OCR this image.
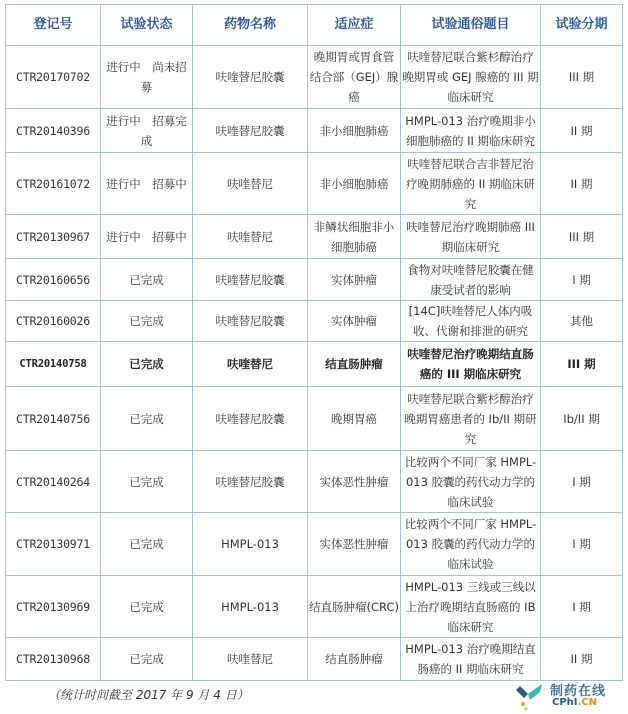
登记号	试验状态	药物名称	适应症	试验通俗题目	试验分期
CTR20170702	进行中　尚未招募	呋喹替尼胶囊	晚期胃或胃食管结合部（GEJ）腺癌	呋喹替尼联合紫杉醇治疗晚期胃或 GEJ 腺癌的 III 期临床研究	III 期
CTR20140396	进行中　招募完成	呋喹替尼胶囊	非小细胞肺癌	HMPL-013 治疗晚期非小细胞肺癌的 II 期临床研究	II 期
CTR20161072	进行中　招募中	呋喹替尼	非小细胞肺癌	呋喹替尼联合吉非替尼治疗晚期肺癌的 II 期临床研究	II 期
CTR20130967	进行中　招募中	呋喹替尼	非鳞状细胞非小细胞肺癌	呋喹替尼治疗晚期肺癌 III 期临床研究	III 期
CTR20160656	已完成	呋喹替尼胶囊	实体肿瘤	食物对呋喹替尼胶囊在健康受试者的影响	I 期
CTR20160026	已完成	呋喹替尼胶囊	实体肿瘤	[14C]呋喹替尼人体内吸收、代谢和排泄的研究	其他
CTR20140758	已完成	呋喹替尼	结直肠肿瘤	呋喹替尼治疗晚期结直肠癌的 III 期临床研究	III 期
CTR20140756	已完成	呋喹替尼胶囊	晚期胃癌	呋喹替尼联合紫杉醇治疗晚期胃癌患者的 Ib/II 期研究	Ib/II 期
CTR20140264	已完成	呋喹替尼胶囊	实体恶性肿瘤	比较两个不同厂家 HMPL-013 胶囊的药代动力学的临床试验	I 期
CTR20130971	已完成	HMPL-013	实体恶性肿瘤	比较两个不同厂家 HMPL-013 胶囊的药代动力学的临床试验	I 期
CTR20130969	已完成	HMPL-013	结直肠肿瘤(CRC)	HMPL-013 三线或三线以上治疗晚期结直肠癌的 IB 临床研究	I 期
CTR20130968	已完成	呋喹替尼	结直肠肿瘤	HMPL-013 治疗晚期结直肠癌的 II 期临床研究	II 期
（统计时间截至 2017 年 9 月 4 日）	制药在线
CPhI.CN
